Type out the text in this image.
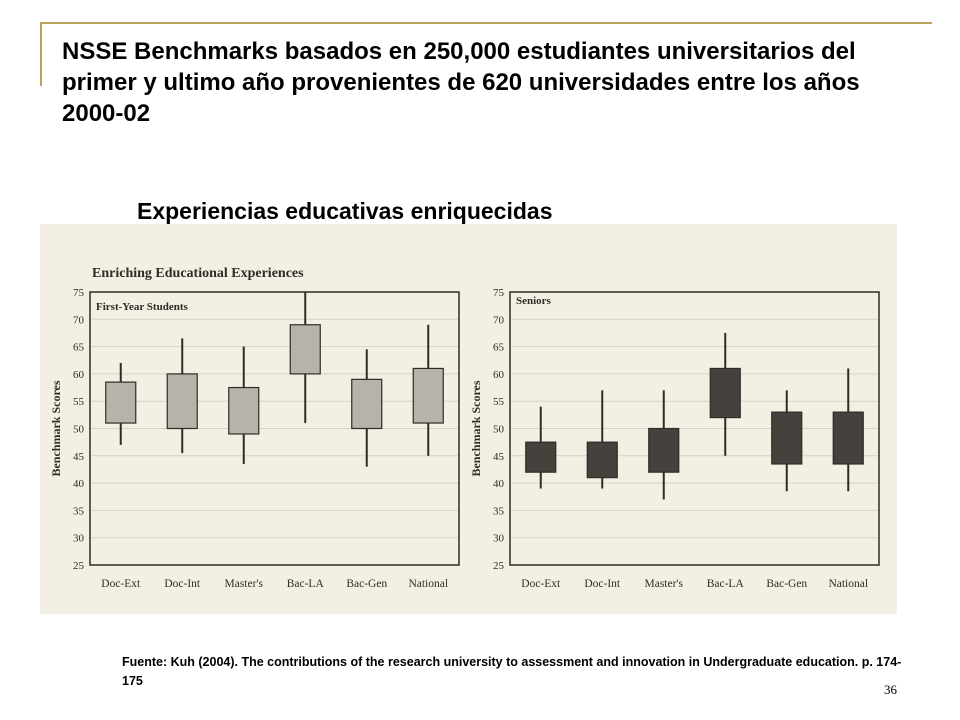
NSSE Benchmarks basados en 250,000 estudiantes universitarios del primer y ultimo año provenientes de 620 universidades entre los años 2000-02
Experiencias educativas enriquecidas
25
30
35
40
45
50
55
60
65
70
75
Benchmark Scores
First-Year Students
Enriching Educational Experiences
Doc-Ext Doc-Int Master's Bac-LA Bac-Gen National
25
30
35
40
45
50
55
60
65
70
75
Benchmark Scores
Seniors
Doc-Ext Doc-Int Master's Bac-LA Bac-Gen National
Fuente: Kuh (2004). The contributions of the research university to assessment and innovation in Undergraduate education. p. 174-175
36
